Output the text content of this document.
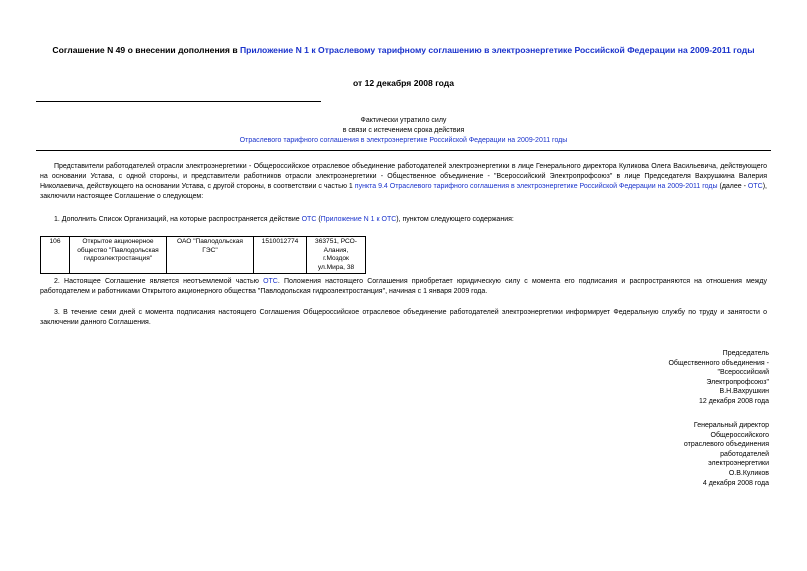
Соглашение N 49 о внесении дополнения в Приложение N 1 к Отраслевому тарифному соглашению в электроэнергетике Российской Федерации на 2009-2011 годы
от 12 декабря 2008 года
Фактически утратило силу
в связи с истечением срока действия
Отраслевого тарифного соглашения в электроэнергетике Российской Федерации на 2009-2011 годы
Представители работодателей отрасли электроэнергетики - Общероссийское отраслевое объединение работодателей электроэнергетики в лице Генерального директора Куликова Олега Васильевича, действующего на основании Устава, с одной стороны, и представители работников отрасли электроэнергетики - Общественное объединение - "Всероссийский Электропрофсоюз" в лице Председателя Вахрушкина Валерия Николаевича, действующего на основании Устава, с другой стороны, в соответствии с частью 1 пункта 9.4 Отраслевого тарифного соглашения в электроэнергетике Российской Федерации на 2009-2011 годы (далее - ОТС), заключили настоящее Соглашение о следующем:
1. Дополнить Список Организаций, на которые распространяется действие ОТС (Приложение N 1 к ОТС), пунктом следующего содержания:
106	Открытое акционерное общество "Павлодольская гидроэлектростанция"	ОАО "Павлодольская ГЭС"	1510012774	363751, РСО-Алания, г.Моздок ул.Мира, 38
2. Настоящее Соглашение является неотъемлемой частью ОТС. Положения настоящего Соглашения приобретает юридическую силу с момента его подписания и распространяются на отношения между работодателем и работниками Открытого акционерного общества "Павлодольская гидроэлектростанция", начиная с 1 января 2009 года.
3. В течение семи дней с момента подписания настоящего Соглашения Общероссийское отраслевое объединение работодателей электроэнергетики информирует Федеральную службу по труду и занятости о заключении данного Соглашения.
Председатель
Общественного объединения -
"Всероссийский
Электропрофсоюз"
В.Н.Вахрушкин
12 декабря 2008 года
Генеральный директор
Общероссийского
отраслевого объединения
работодателей
электроэнергетики
О.В.Куликов
4 декабря 2008 года
